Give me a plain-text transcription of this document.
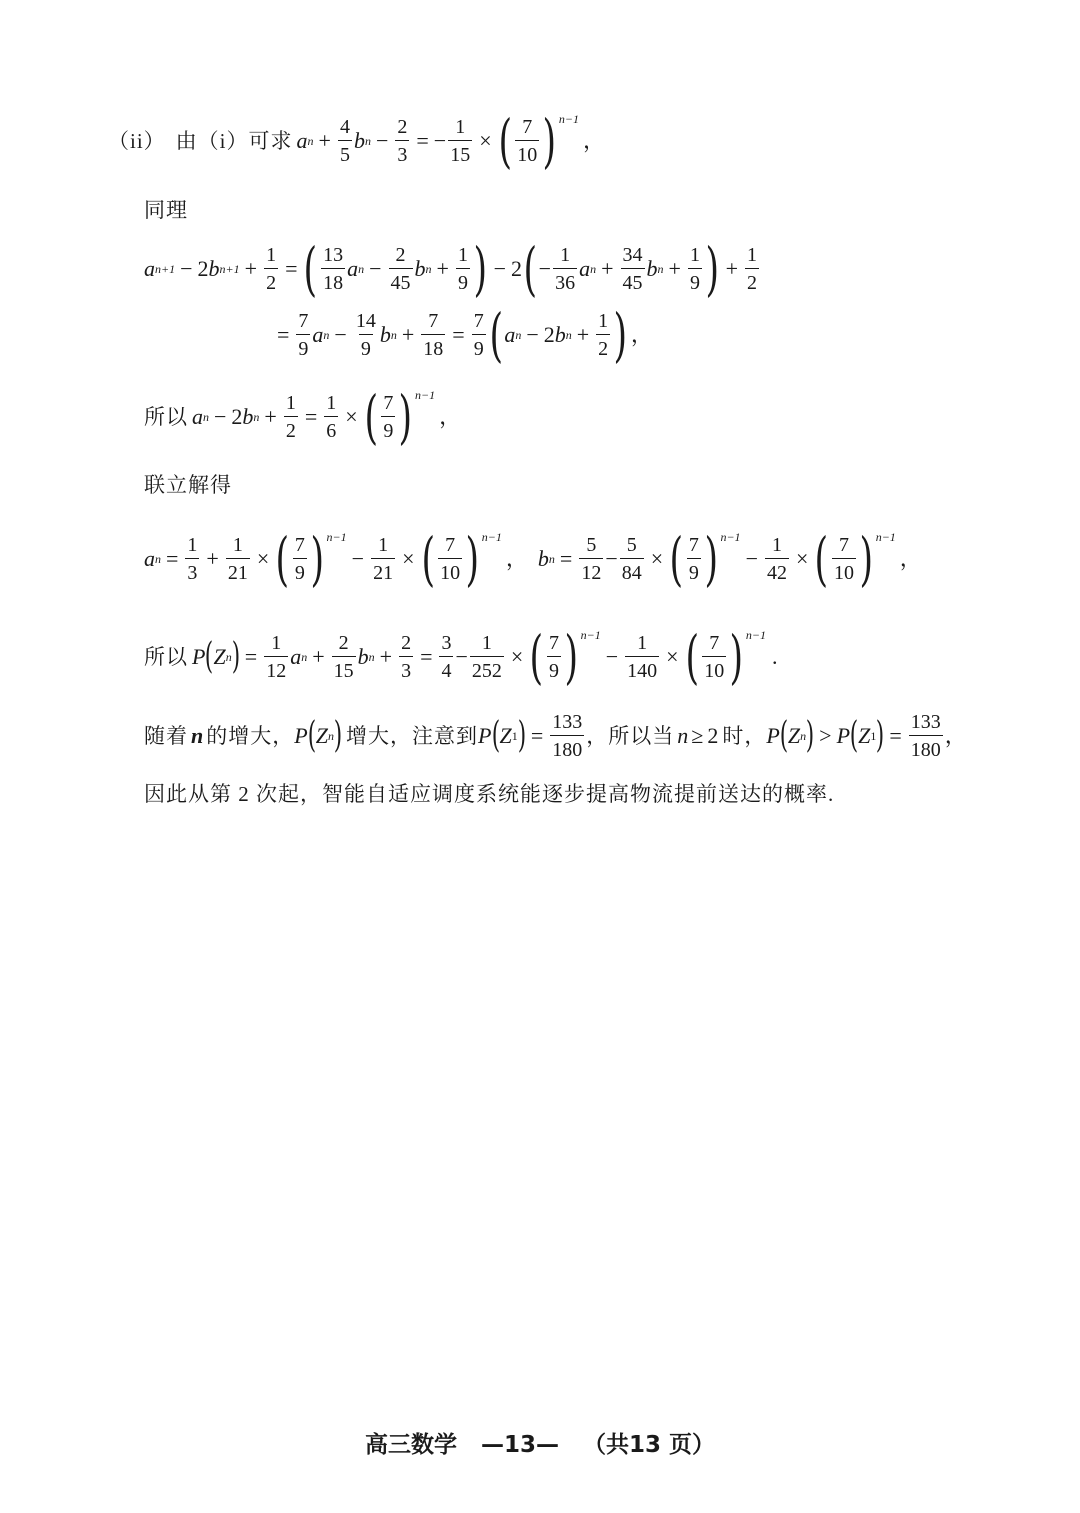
（ii） 由（i）可求 a $n + \frac{4}{5}$ b $n - \frac{2}{3}$ = − $\frac{1}{15}$ × ( $\frac{7}{10}$ ) n−1
，
同理
a n+1 − 2 b $n+1 + \frac{1}{2}$ = ( $\frac{13}{18}$ a $n - \frac{2}{45}$ b $n + \frac{1}{9}$ ) − 2 ( − $\frac{1}{36}$ a $n + \frac{34}{45}$ b $n + \frac{1}{9}$ ) + $\frac{1}{2}$
= $\frac{7}{9}$ a $n - \frac{14}{9}$ b $n + \frac{7}{18} = \frac{7}{9}$ ( a n − 2 b $n + \frac{1}{2}$ ) ，
所以 a n − 2 b $n + \frac{1}{2} = \frac{1}{6}$ × ( $\frac{7}{9}$ ) n−1
，
联立解得
a $n = \frac{1}{3} + \frac{1}{21}$ × ( $\frac{7}{9}$ ) n−1
− $\frac{1}{21}$ × ( $\frac{7}{10}$ ) n−1
， b $n = \frac{5}{12} - \frac{5}{84}$ × ( $\frac{7}{9}$ ) n−1
− $\frac{1}{42}$ × ( $\frac{7}{10}$ ) n−1
，
所以 P ( Z n ) = $\frac{1}{12}$ a $n + \frac{2}{15}$ b $n + \frac{2}{3} = \frac{3}{4} - \frac{1}{252}$ × ( $\frac{7}{9}$ ) n−1
− $\frac{1}{140}$ × ( $\frac{7}{10}$ ) n−1
.
随着 n 的增大， P ( Z n ) 增大，注意到 P ( Z 1 ) = $\frac{133}{180}$ ，所以当 n ≥ 2 时， P ( Z n ) > P ( Z 1 ) = $\frac{133}{180}$ ，
因此从第 2 次起，智能自适应调度系统能逐步提高物流提前送达的概率.
高三数学 —13— （共13 页）
